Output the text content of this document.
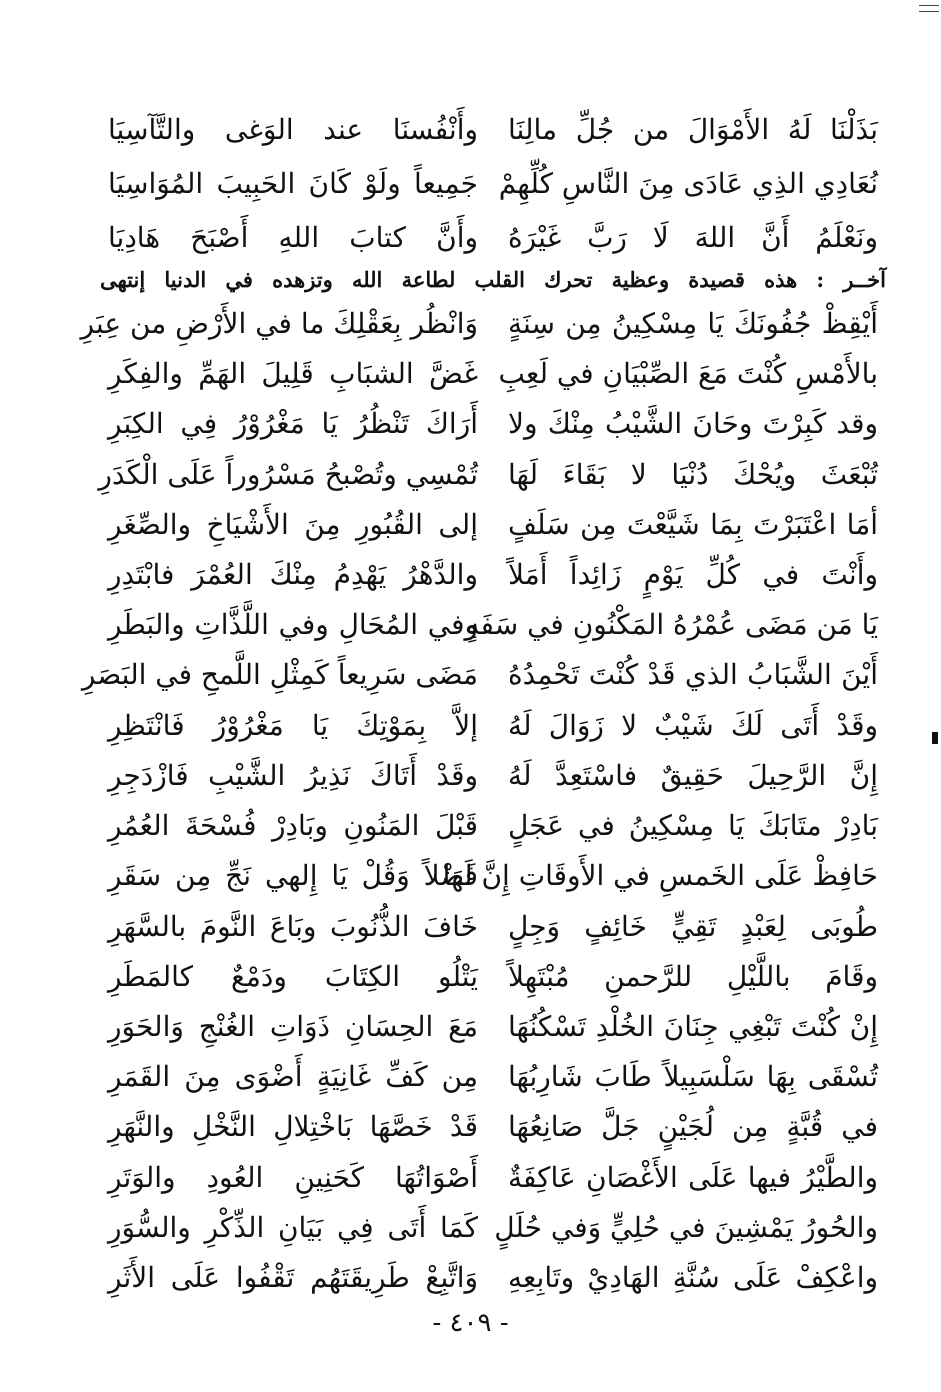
بَذَلْنَا لَهُ الأَمْوَالَ من جُلِّ مالِنَا
وأَنْفُسنَا عند الوَغى والتَّآسِيَا
نُعَادِي الذِي عَادَى مِنَ النَّاسِ كُلِّهِمْ
جَمِيعاً ولَوْ كَانَ الحَبِيبَ المُوَاسِيَا
ونَعْلَمُ أَنَّ اللهَ لَا رَبَّ غَيْرَهُ
وأَنَّ كتابَ اللهِ أَصْبَحَ هَادِيَا
آخــر : هذه قصيدة وعظية تحرك القلب لطاعة الله وتزهده في الدنيا إنتهى
أَيْقِظْ جُفُونَكَ يَا مِسْكِينُ مِن سِنَةٍ
وَانْظُر بِعَقْلِكَ ما في الأَرْضِ من عِبَرِ
بالأَمْسِ كُنْتَ مَعَ الصِّبْيَانِ في لَعِبِ
غَضَّ الشبَابِ قَلِيلَ الهَمِّ والفِكَرِ
وقد كَبِرْتَ وحَانَ الشَّيْبُ مِنْكَ ولا
أَرَاكَ تَنْظُرُ يَا مَغْرُوْرُ فِي الكِبَرِ
تُبْعَثَ ويُحْكَ دُنْيَا لا بَقَاءَ لَهَا
تُمْسِي وتُصْبحُ مَسْرُوراً عَلَى الْكَدَرِ
أمَا اعْتَبَرْتَ بِمَا شَيَّعْتَ مِن سَلَفٍ
إلى القُبُورِ مِنَ الأَشْيَاخِ والصِّغَرِ
وأَنْتَ في كُلِّ يَوْمٍ زَائِداً أَمَلاً
والدَّهْرُ يَهْدِمُ مِنْكَ العُمْرَ فابْتَدِرِ
يَا مَن مَضَى عُمْرُهُ المَكْنُونِ في سَفَهٍ
وفي المُحَالِ وفي اللَّذَّاتِ والبَطَرِ
أَيْنَ الشَّبَابُ الذي قَدْ كُنْتَ تَحْمِدُهُ
مَضَى سَرِيعاً كَمِثْلِ اللَّمحِ في البَصَرِ
وقَدْ أَتَى لَكَ شَيْبٌ لا زَوَالَ لَهُ
إلاَّ بِمَوْتِكَ يَا مَغْرُوْرُ فَانْتَظِرِ
إِنَّ الرَّحِيلَ حَقِيقٌ فاسْتَعِدَّ لَهُ
وقَدْ أَتَاكَ نَذِيرُ الشَّيْبِ فَازْدَجِرِ
بَادِرْ متَابَكَ يَا مِسْكِينُ في عَجَلٍ
قَبْلَ المَنُونِ وبَادِرْ فُسْحَةَ العُمُرِ
حَافِظْ عَلَى الخَمسِ في الأَوقَاتِ إِنَّ لَهَا
فَضْلاً وَقُلْ يَا إِلهي نَجِّ مِن سَقَرِ
طُوبَى لِعَبْدٍ تَقِيٍّ خَائِفٍ وَجِلٍ
خَافَ الذُّنُوبَ وبَاعَ النَّومَ بالسَّهَرِ
وقَامَ باللَّيْلِ للرَّحمنِ مُبْتَهِلاً
يَتْلُو الكِتَابَ ودَمْعٌ كالمَطَرِ
إِنْ كُنْتَ تَبْغِي جِنَانَ الخُلْدِ تَسْكُنُهَا
مَعَ الحِسَانِ ذَوَاتِ الغُنْجِ وَالحَوَرِ
تُسْقَى بِهَا سَلْسَبِيلاً طَابَ شَارِبُهَا
مِن كَفِّ غَانِيَةٍ أَضْوَى مِنَ القَمَرِ
في قُبَّةٍ مِن لُجَيْنٍ جَلَّ صَانِعُهَا
قَدْ خَصَّهَا بَاخْتِلالِ النَّخْلِ والنَّهَرِ
والطَّيْرُ فيها عَلَى الأَغْصَانِ عَاكِفَةٌ
أَصْوَاتُهَا كَحَنِينِ العُودِ والوَتَرِ
والحُورُ يَمْشِينَ في حُلِيٍّ وَفي حُلَلٍ
كَمَا أَتَى فِي بَيَانِ الذِّكْرِ والسُّوَرِ
واعْكِفْ عَلَى سُنَّةِ الهَادِيْ وتَابِعِهِ
وَاتَّبِعْ طَرِيقَتَهُم تَقْفُوا عَلَى الأَثَرِ
- ٤٠٩ -
